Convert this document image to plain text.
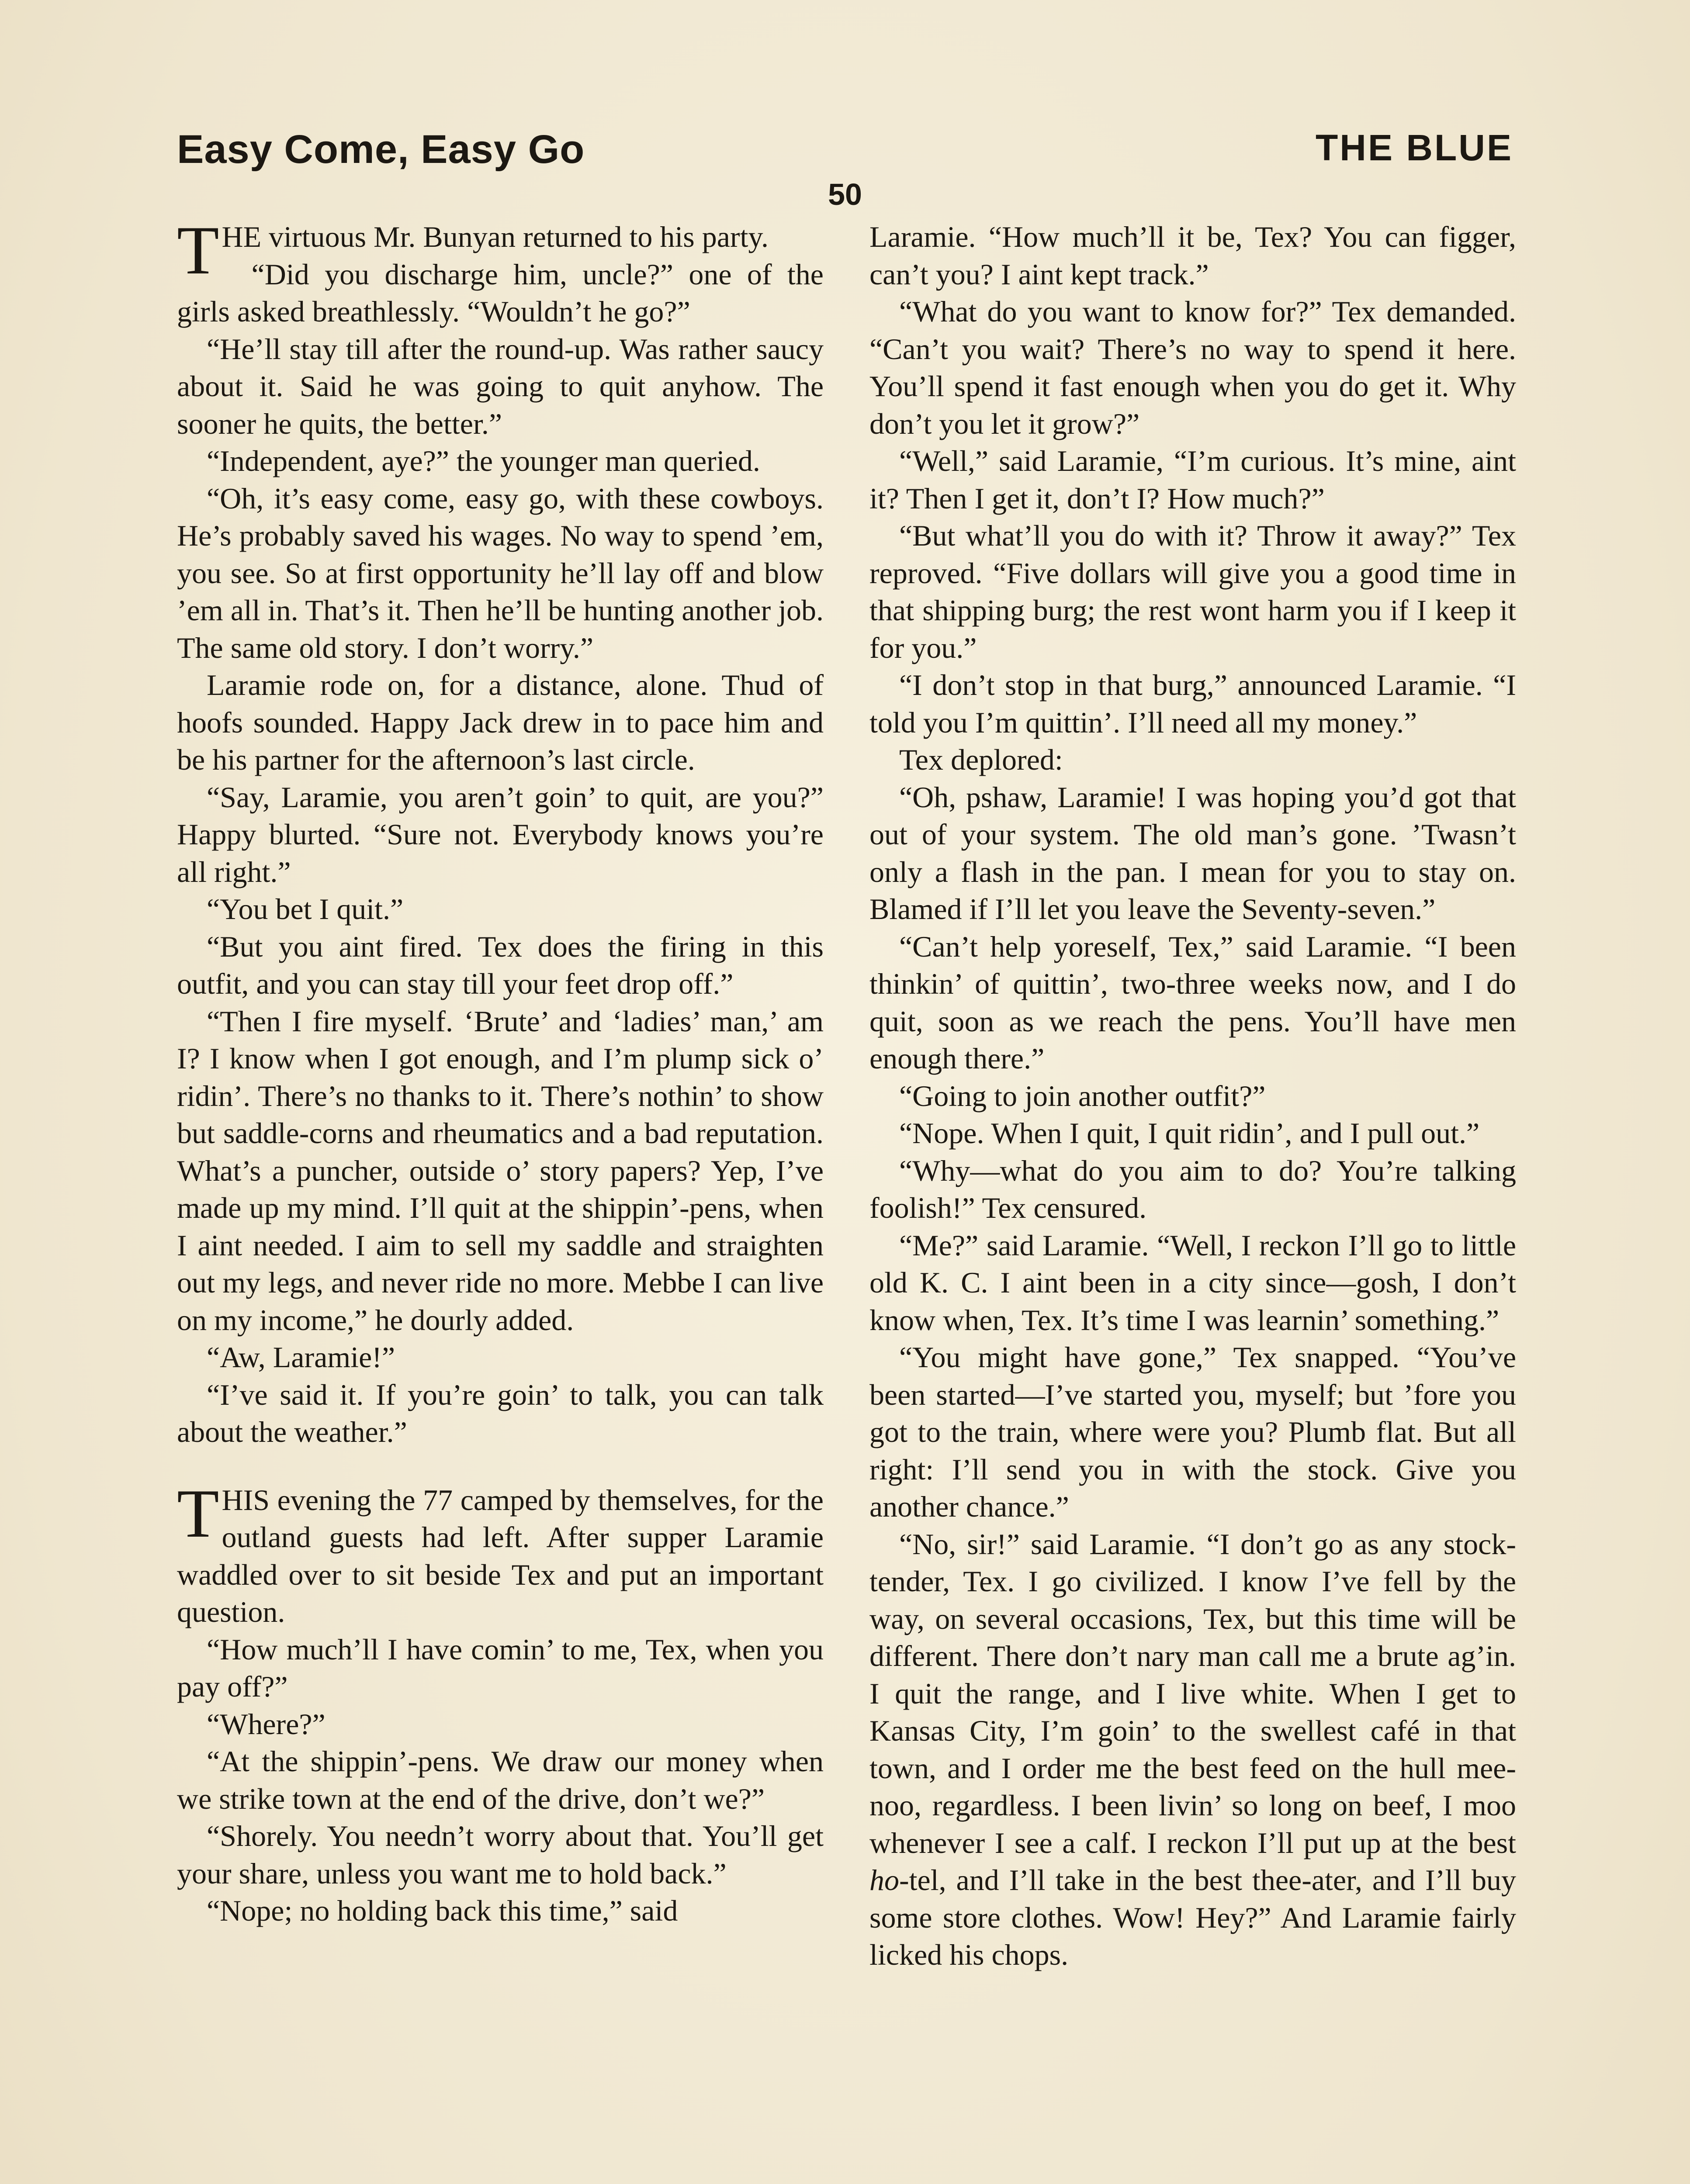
Easy Come, Easy Go	THE BLUE
50

THE virtuous Mr. Bunyan returned to his party.

“Did you discharge him, uncle?” one of the girls asked breathlessly. “Wouldn’t he go?”

“He’ll stay till after the round-up. Was rather saucy about it. Said he was going to quit anyhow. The sooner he quits, the better.”

“Independent, aye?” the younger man queried.

“Oh, it’s easy come, easy go, with these cowboys. He’s probably saved his wages. No way to spend ’em, you see. So at first opportunity he’ll lay off and blow ’em all in. That’s it. Then he’ll be hunting another job. The same old story. I don’t worry.”

Laramie rode on, for a distance, alone. Thud of hoofs sounded. Happy Jack drew in to pace him and be his partner for the afternoon’s last circle.

“Say, Laramie, you aren’t goin’ to quit, are you?” Happy blurted. “Sure not. Everybody knows you’re all right.”

“You bet I quit.”

“But you aint fired. Tex does the firing in this outfit, and you can stay till your feet drop off.”

“Then I fire myself. ‘Brute’ and ‘ladies’ man,’ am I? I know when I got enough, and I’m plump sick o’ ridin’. There’s no thanks to it. There’s nothin’ to show but saddle-corns and rheumatics and a bad reputation. What’s a puncher, outside o’ story papers? Yep, I’ve made up my mind. I’ll quit at the shippin’-pens, when I aint needed. I aim to sell my saddle and straighten out my legs, and never ride no more. Mebbe I can live on my income,” he dourly added.

“Aw, Laramie!”

“I’ve said it. If you’re goin’ to talk, you can talk about the weather.”

THIS evening the 77 camped by themselves, for the outland guests had left. After supper Laramie waddled over to sit beside Tex and put an important question.

“How much’ll I have comin’ to me, Tex, when you pay off?”

“Where?”

“At the shippin’-pens. We draw our money when we strike town at the end of the drive, don’t we?”

“Shorely. You needn’t worry about that. You’ll get your share, unless you want me to hold back.”

“Nope; no holding back this time,” said

Laramie. “How much’ll it be, Tex? You can figger, can’t you? I aint kept track.”

“What do you want to know for?” Tex demanded. “Can’t you wait? There’s no way to spend it here. You’ll spend it fast enough when you do get it. Why don’t you let it grow?”

“Well,” said Laramie, “I’m curious. It’s mine, aint it? Then I get it, don’t I? How much?”

“But what’ll you do with it? Throw it away?” Tex reproved. “Five dollars will give you a good time in that shipping burg; the rest wont harm you if I keep it for you.”

“I don’t stop in that burg,” announced Laramie. “I told you I’m quittin’. I’ll need all my money.”

Tex deplored:

“Oh, pshaw, Laramie! I was hoping you’d got that out of your system. The old man’s gone. ’Twasn’t only a flash in the pan. I mean for you to stay on. Blamed if I’ll let you leave the Seventy-seven.”

“Can’t help yoreself, Tex,” said Laramie. “I been thinkin’ of quittin’, two-three weeks now, and I do quit, soon as we reach the pens. You’ll have men enough there.”

“Going to join another outfit?”

“Nope. When I quit, I quit ridin’, and I pull out.”

“Why—what do you aim to do? You’re talking foolish!” Tex censured.

“Me?” said Laramie. “Well, I reckon I’ll go to little old K. C. I aint been in a city since—gosh, I don’t know when, Tex. It’s time I was learnin’ something.”

“You might have gone,” Tex snapped. “You’ve been started—I’ve started you, myself; but ’fore you got to the train, where were you? Plumb flat. But all right: I’ll send you in with the stock. Give you another chance.”

“No, sir!” said Laramie. “I don’t go as any stock-tender, Tex. I go civilized. I know I’ve fell by the way, on several occasions, Tex, but this time will be different. There don’t nary man call me a brute ag’in. I quit the range, and I live white. When I get to Kansas City, I’m goin’ to the swellest café in that town, and I order me the best feed on the hull mee-noo, regardless. I been livin’ so long on beef, I moo whenever I see a calf. I reckon I’ll put up at the best ho-tel, and I’ll take in the best thee-ater, and I’ll buy some store clothes. Wow! Hey?” And Laramie fairly licked his chops.
